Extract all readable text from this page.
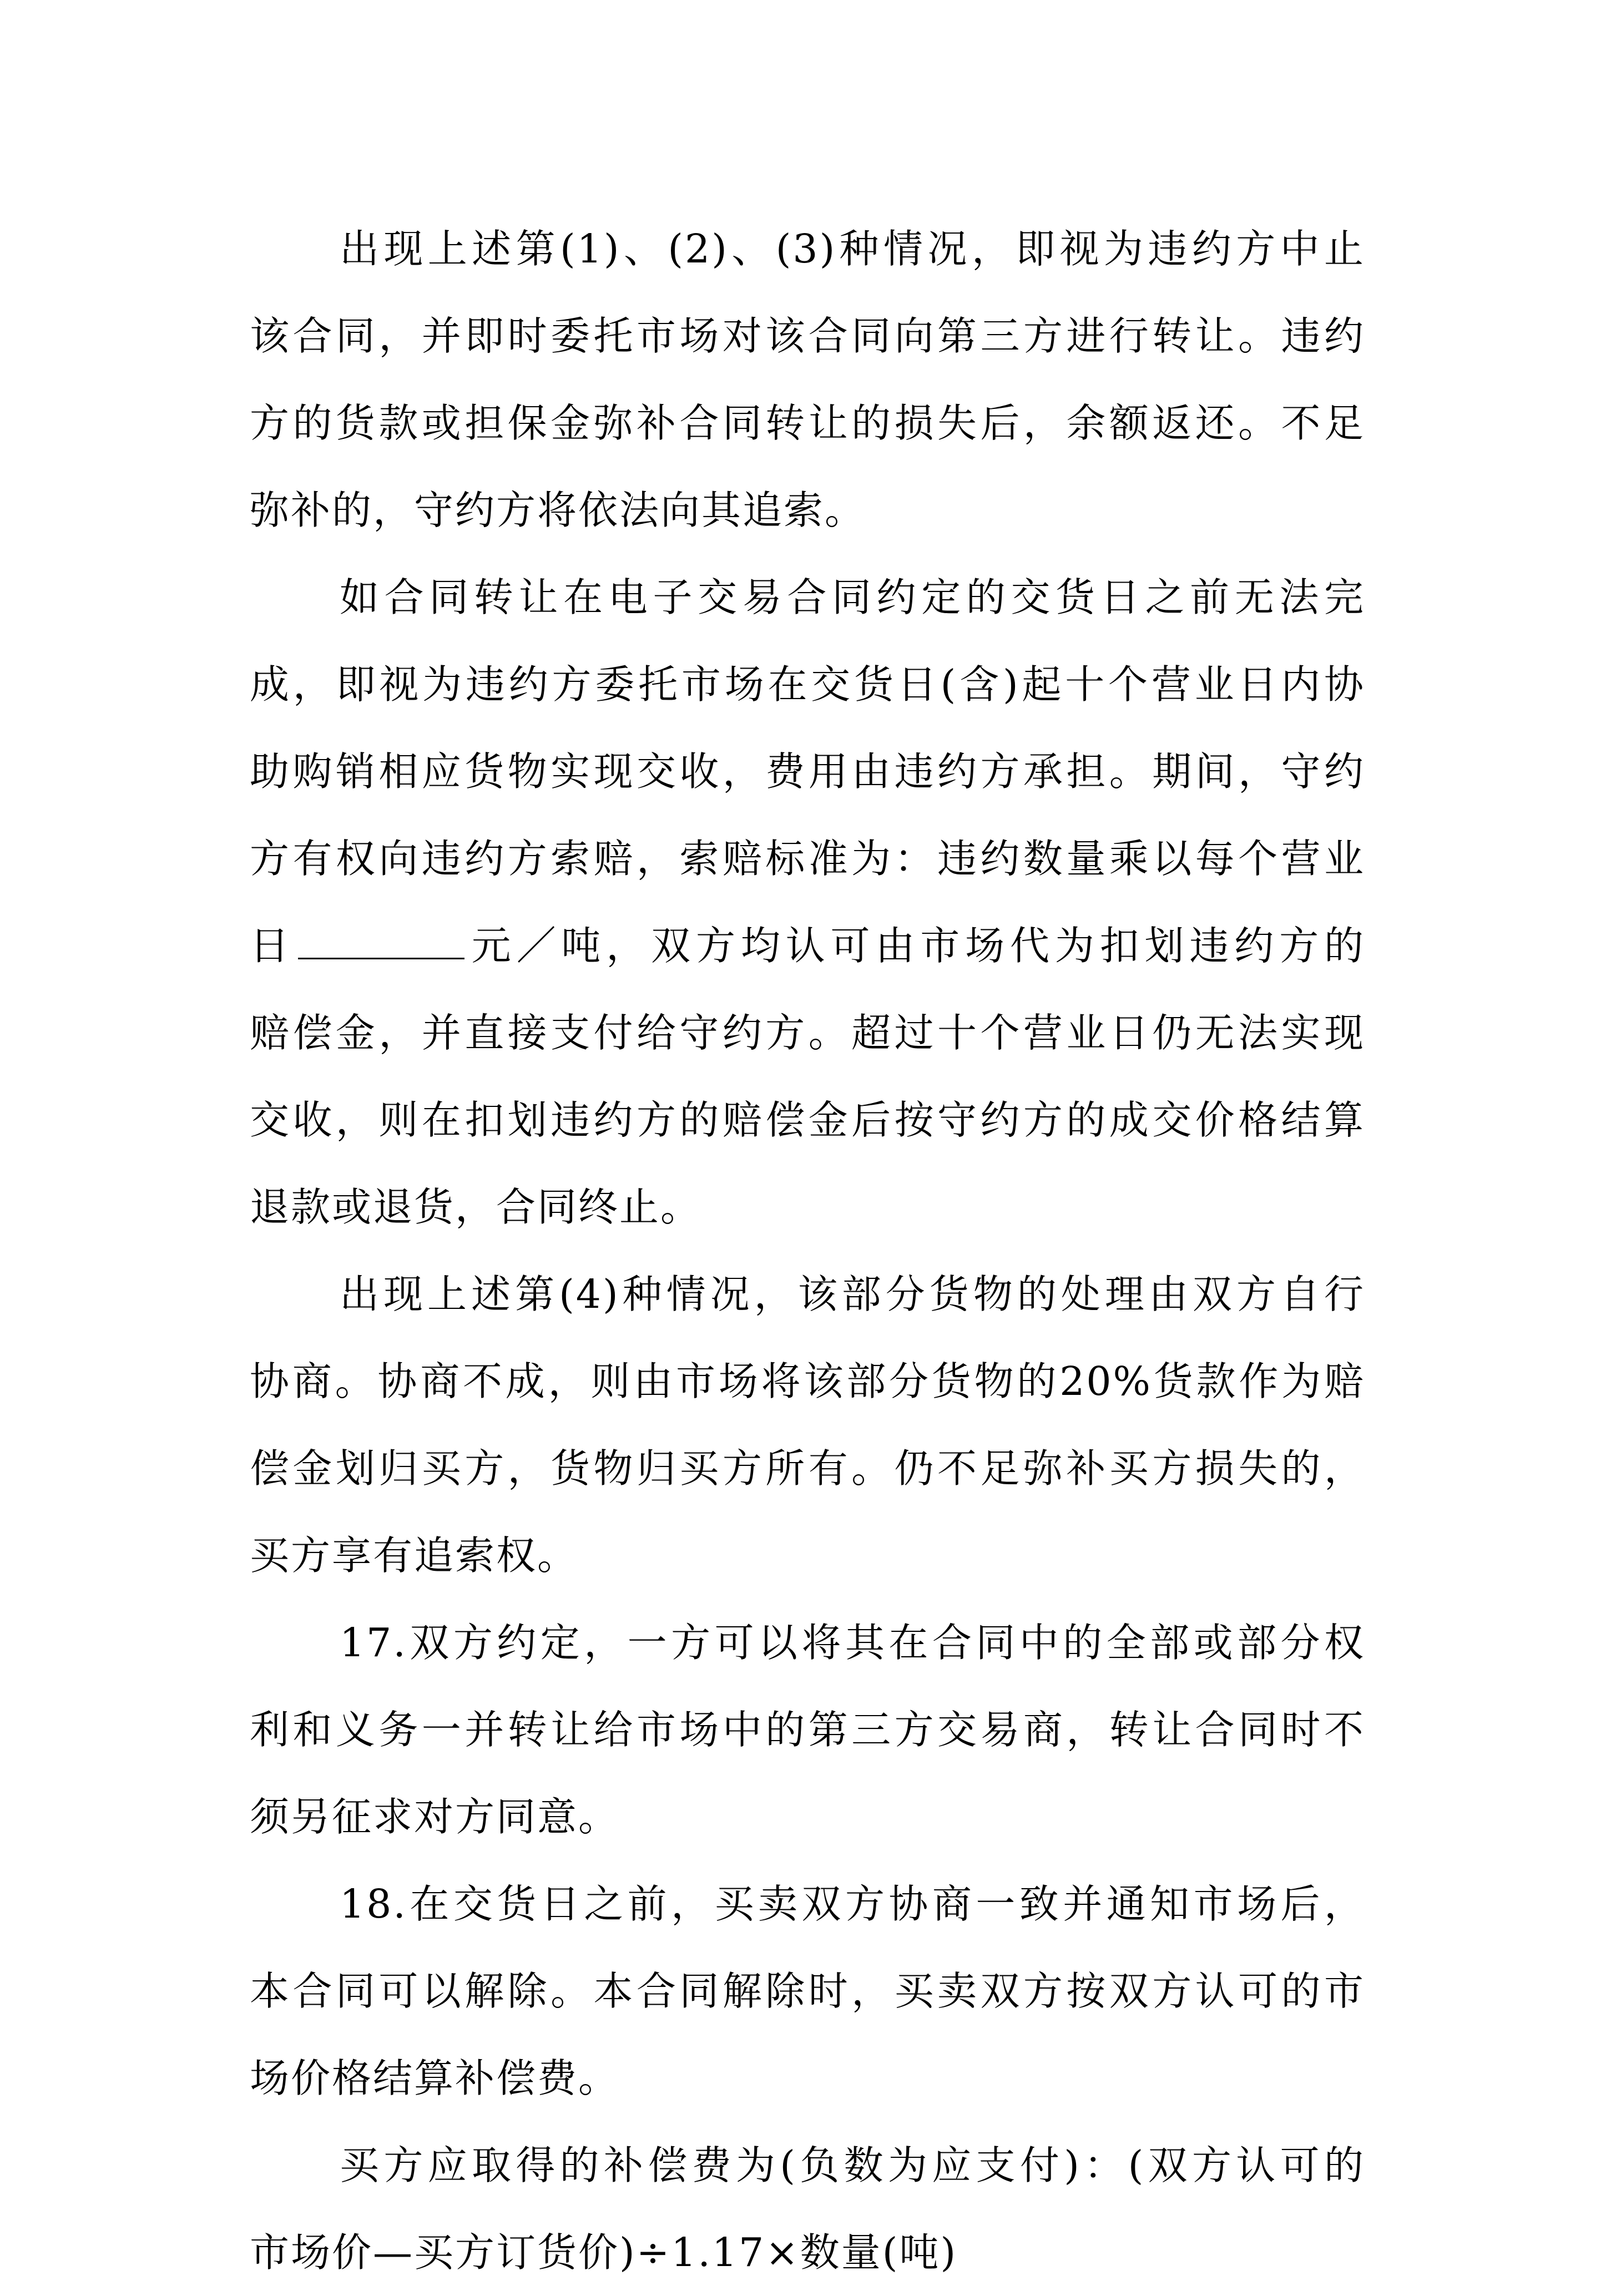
出现上述第(1)、(2)、(3)种情况，即视为违约方中止
该合同，并即时委托市场对该合同向第三方进行转让。违约
方的货款或担保金弥补合同转让的损失后，余额返还。不足
弥补的，守约方将依法向其追索。
如合同转让在电子交易合同约定的交货日之前无法完
成，即视为违约方委托市场在交货日(含)起十个营业日内协
助购销相应货物实现交收，费用由违约方承担。期间，守约
方有权向违约方索赔，索赔标准为：违约数量乘以每个营业
日	元／吨，双方均认可由市场代为扣划违约方的
赔偿金，并直接支付给守约方。超过十个营业日仍无法实现
交收，则在扣划违约方的赔偿金后按守约方的成交价格结算
退款或退货，合同终止。
出现上述第(4)种情况，该部分货物的处理由双方自行
协商。协商不成，则由市场将该部分货物的20%货款作为赔
偿金划归买方，货物归买方所有。仍不足弥补买方损失的，
买方享有追索权。
17.双方约定，一方可以将其在合同中的全部或部分权
利和义务一并转让给市场中的第三方交易商，转让合同时不
须另征求对方同意。
18.在交货日之前，买卖双方协商一致并通知市场后，
本合同可以解除。本合同解除时，买卖双方按双方认可的市
场价格结算补偿费。
买方应取得的补偿费为(负数为应支付)：(双方认可的
市场价—买方订货价)÷1.17×数量(吨)
